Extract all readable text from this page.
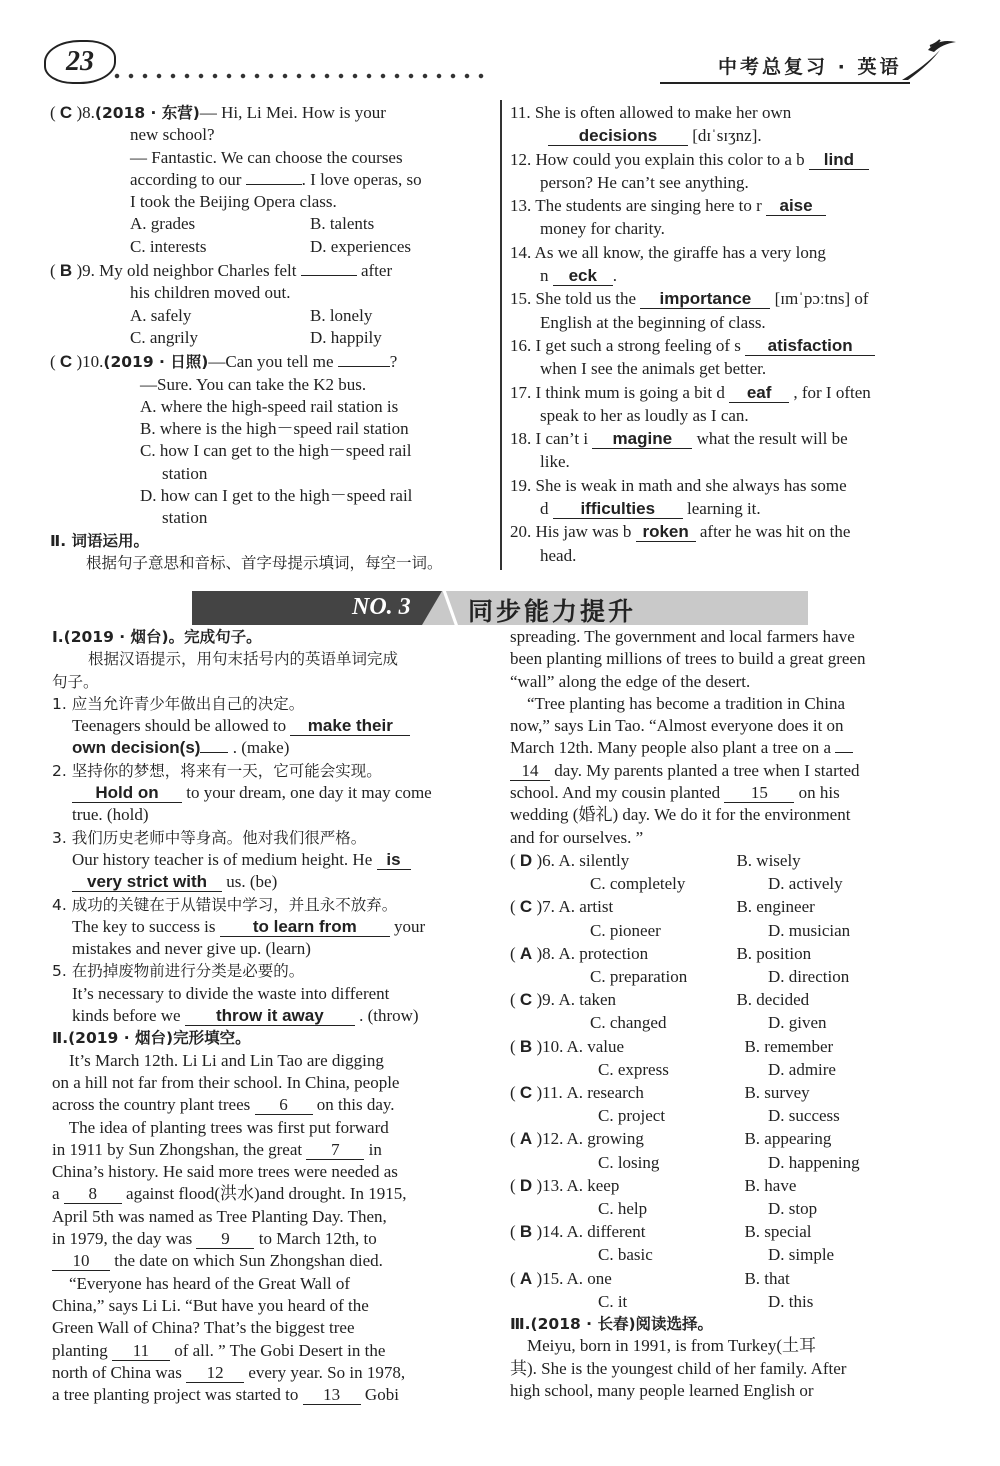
23	中考总复习 · 英语
( C )8.(2018 · 东营)— Hi, Li Mei. How is your
new school?
— Fantastic. We can choose the courses
according to our	. I love operas, so
I took the Beijing Opera class.
A. grades	B. talents
C. interests	D. experiences
( B )9. My old neighbor Charles felt	after
his children moved out.
A. safely	B. lonely
C. angrily	D. happily
( C )10.(2019 · 日照)—Can you tell me	?
—Sure. You can take the K2 bus.
A. where the high-speed rail station is
B. where is the high－speed rail station
C. how I can get to the high－speed rail
station
D. how can I get to the high－speed rail
station
Ⅱ. 词语运用。
根据句子意思和音标、首字母提示填词，每空一词。
11. She is often allowed to make her own
decisions [dɪˈsɪʒnz].
12. How could you explain this color to a b lind
person? He can’t see anything.
13. The students are singing here to r aise
money for charity.
14. As we all know, the giraffe has a very long
n eck .
15. She told us the importance [ɪmˈpɔːtns] of
English at the beginning of class.
16. I get such a strong feeling of s atisfaction
when I see the animals get better.
17. I think mum is going a bit d eaf , for I often
speak to her as loudly as I can.
18. I can’t i magine what the result will be
like.
19. She is weak in math and she always has some
d ifficulties learning it.
20. His jaw was b roken after he was hit on the
head.
NO. 3 同步能力提升
Ⅰ.(2019 · 烟台)。完成句子。
根据汉语提示，用句末括号内的英语单词完成
句子。
1. 应当允许青少年做出自己的决定。
Teenagers should be allowed to make their
own decision(s) . (make)
2. 坚持你的梦想，将来有一天，它可能会实现。
Hold on to your dream, one day it may come
true. (hold)
3. 我们历史老师中等身高。他对我们很严格。
Our history teacher is of medium height. He is
very strict with us. (be)
4. 成功的关键在于从错误中学习，并且永不放弃。
The key to success is to learn from your
mistakes and never give up. (learn)
5. 在扔掉废物前进行分类是必要的。
It’s necessary to divide the waste into different
kinds before we throw it away . (throw)
Ⅱ.(2019 · 烟台)完形填空。
It’s March 12th. Li Li and Lin Tao are digging
on a hill not far from their school. In China, people
across the country plant trees 6 on this day.
The idea of planting trees was first put forward
in 1911 by Sun Zhongshan, the great 7 in
China’s history. He said more trees were needed as
a 8 against flood(洪水)and drought. In 1915,
April 5th was named as Tree Planting Day. Then,
in 1979, the day was 9 to March 12th, to
10 the date on which Sun Zhongshan died.
“Everyone has heard of the Great Wall of
China,” says Li Li. “But have you heard of the
Green Wall of China? That’s the biggest tree
planting 11 of all. ” The Gobi Desert in the
north of China was 12 every year. So in 1978,
a tree planting project was started to 13 Gobi
spreading. The government and local farmers have
been planting millions of trees to build a great green
“wall” along the edge of the desert.
“Tree planting has become a tradition in China
now,” says Lin Tao. “Almost everyone does it on
March 12th. Many people also plant a tree on a
14 day. My parents planted a tree when I started
school. And my cousin planted 15 on his
wedding (婚礼) day. We do it for the environment
and for ourselves. ”
( D )6. A. silently	B. wisely
C. completely	D. actively
( C )7. A. artist	B. engineer
C. pioneer	D. musician
( A )8. A. protection	B. position
C. preparation	D. direction
( C )9. A. taken	B. decided
C. changed	D. given
( B )10. A. value	B. remember
C. express	D. admire
( C )11. A. research	B. survey
C. project	D. success
( A )12. A. growing	B. appearing
C. losing	D. happening
( D )13. A. keep	B. have
C. help	D. stop
( B )14. A. different	B. special
C. basic	D. simple
( A )15. A. one	B. that
C. it	D. this
Ⅲ.(2018 · 长春)阅读选择。
Meiyu, born in 1991, is from Turkey(土耳
其). She is the youngest child of her family. After
high school, many people learned English or
